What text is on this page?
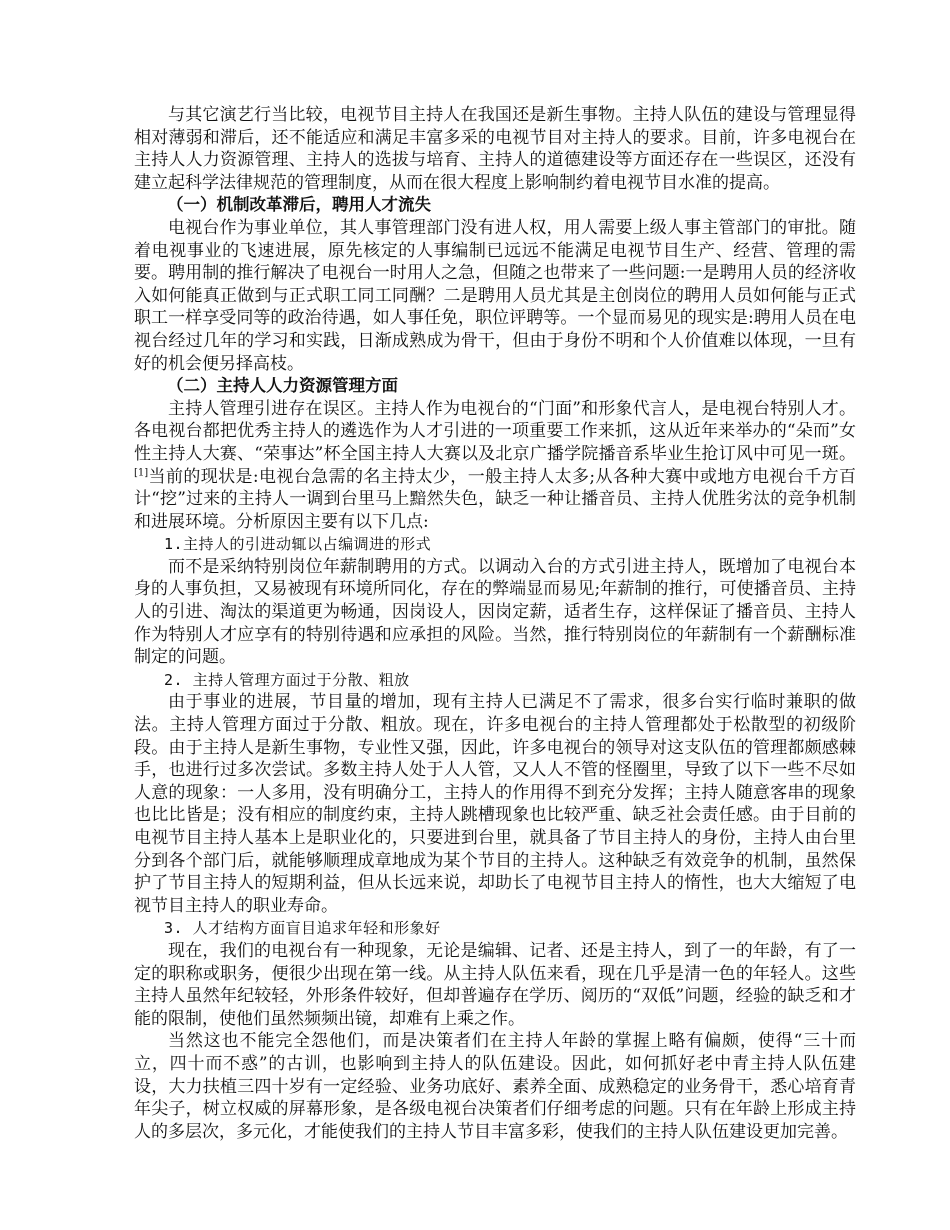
与其它演艺行当比较，电视节目主持人在我国还是新生事物。主持人队伍的建设与管理显得相对薄弱和滞后，还不能适应和满足丰富多采的电视节目对主持人的要求。目前，许多电视台在主持人人力资源管理、主持人的选拔与培育、主持人的道德建设等方面还存在一些误区，还没有建立起科学法律规范的管理制度，从而在很大程度上影响制约着电视节目水准的提高。

（一）机制改革滞后，聘用人才流失

电视台作为事业单位，其人事管理部门没有进人权，用人需要上级人事主管部门的审批。随着电视事业的飞速进展，原先核定的人事编制已远远不能满足电视节目生产、经营、管理的需要。聘用制的推行解决了电视台一时用人之急，但随之也带来了一些问题:一是聘用人员的经济收入如何能真正做到与正式职工同工同酬？二是聘用人员尤其是主创岗位的聘用人员如何能与正式职工一样享受同等的政治待遇，如人事任免，职位评聘等。一个显而易见的现实是:聘用人员在电视台经过几年的学习和实践，日渐成熟成为骨干，但由于身份不明和个人价值难以体现，一旦有好的机会便另择高枝。

（二）主持人人力资源管理方面

主持人管理引进存在误区。主持人作为电视台的“门面”和形象代言人，是电视台特别人才。各电视台都把优秀主持人的遴选作为人才引进的一项重要工作来抓，这从近年来举办的“朵而”女性主持人大赛、“荣事达”杯全国主持人大赛以及北京广播学院播音系毕业生抢订风中可见一斑。[1]当前的现状是:电视台急需的名主持太少，一般主持人太多;从各种大赛中或地方电视台千方百计“挖”过来的主持人一调到台里马上黯然失色，缺乏一种让播音员、主持人优胜劣汰的竞争机制和进展环境。分析原因主要有以下几点:

1.主持人的引进动辄以占编调进的形式

而不是采纳特别岗位年薪制聘用的方式。以调动入台的方式引进主持人，既增加了电视台本身的人事负担，又易被现有环境所同化，存在的弊端显而易见;年薪制的推行，可使播音员、主持人的引进、淘汰的渠道更为畅通，因岗设人，因岗定薪，适者生存，这样保证了播音员、主持人作为特别人才应享有的特别待遇和应承担的风险。当然，推行特别岗位的年薪制有一个薪酬标准制定的问题。

2. 主持人管理方面过于分散、粗放

由于事业的进展，节目量的增加，现有主持人已满足不了需求，很多台实行临时兼职的做法。主持人管理方面过于分散、粗放。现在，许多电视台的主持人管理都处于松散型的初级阶段。由于主持人是新生事物，专业性又强，因此，许多电视台的领导对这支队伍的管理都颇感棘手，也进行过多次尝试。多数主持人处于人人管，又人人不管的怪圈里，导致了以下一些不尽如人意的现象：一人多用，没有明确分工，主持人的作用得不到充分发挥；主持人随意客串的现象也比比皆是；没有相应的制度约束，主持人跳槽现象也比较严重、缺乏社会责任感。由于目前的电视节目主持人基本上是职业化的，只要进到台里，就具备了节目主持人的身份，主持人由台里分到各个部门后，就能够顺理成章地成为某个节目的主持人。这种缺乏有效竞争的机制，虽然保护了节目主持人的短期利益，但从长远来说，却助长了电视节目主持人的惰性，也大大缩短了电视节目主持人的职业寿命。

3. 人才结构方面盲目追求年轻和形象好

现在，我们的电视台有一种现象，无论是编辑、记者、还是主持人，到了一的年龄，有了一定的职称或职务，便很少出现在第一线。从主持人队伍来看，现在几乎是清一色的年轻人。这些主持人虽然年纪较轻，外形条件较好，但却普遍存在学历、阅历的“双低”问题，经验的缺乏和才能的限制，使他们虽然频频出镜，却难有上乘之作。

当然这也不能完全怨他们，而是决策者们在主持人年龄的掌握上略有偏颇，使得“三十而立，四十而不惑”的古训，也影响到主持人的队伍建设。因此，如何抓好老中青主持人队伍建设，大力扶植三四十岁有一定经验、业务功底好、素养全面、成熟稳定的业务骨干，悉心培育青年尖子，树立权威的屏幕形象，是各级电视台决策者们仔细考虑的问题。只有在年龄上形成主持人的多层次，多元化，才能使我们的主持人节目丰富多彩，使我们的主持人队伍建设更加完善。
